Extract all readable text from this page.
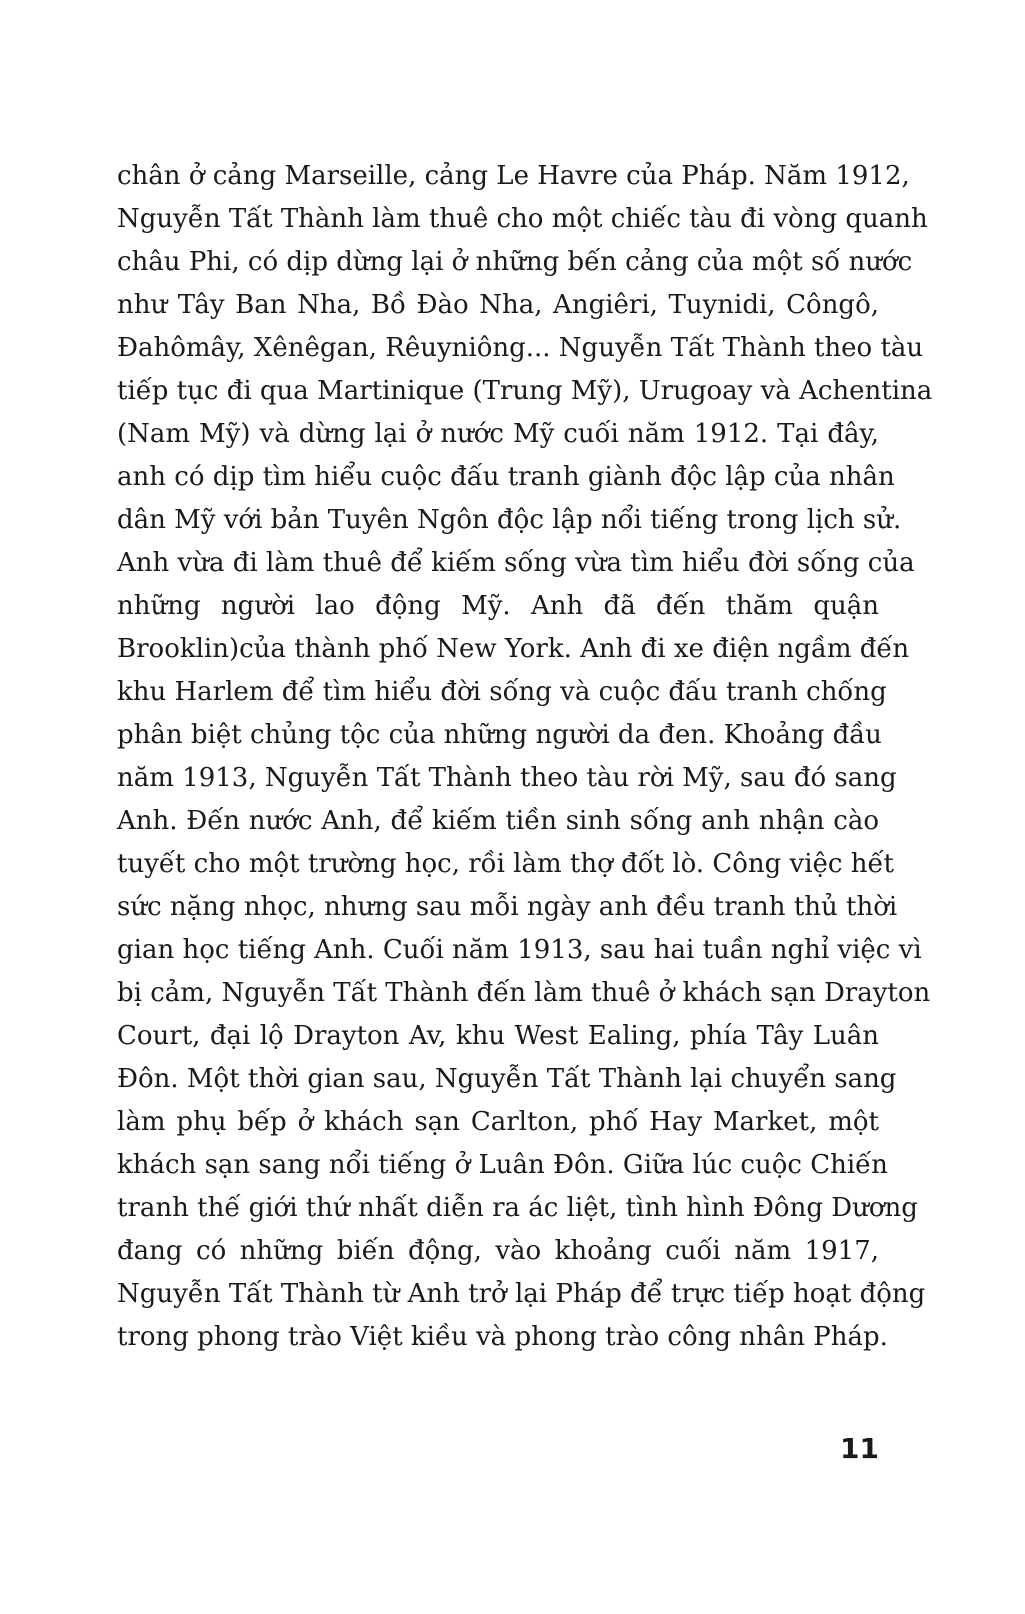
chân ở cảng Marseille, cảng Le Havre của Pháp. Năm 1912,
Nguyễn Tất Thành làm thuê cho một chiếc tàu đi vòng quanh
châu Phi, có dịp dừng lại ở những bến cảng của một số nước
như Tây Ban Nha, Bồ Đào Nha, Angiêri, Tuynidi, Côngô,
Đahômây, Xênêgan, Rêuyniông... Nguyễn Tất Thành theo tàu
tiếp tục đi qua Martinique (Trung Mỹ), Urugoay và Achentina
(Nam Mỹ) và dừng lại ở nước Mỹ cuối năm 1912. Tại đây,
anh có dịp tìm hiểu cuộc đấu tranh giành độc lập của nhân
dân Mỹ với bản Tuyên Ngôn độc lập nổi tiếng trong lịch sử.
Anh vừa đi làm thuê để kiếm sống vừa tìm hiểu đời sống của
những người lao động Mỹ. Anh đã đến thăm quận
Brooklin)của thành phố New York. Anh đi xe điện ngầm đến
khu Harlem để tìm hiểu đời sống và cuộc đấu tranh chống
phân biệt chủng tộc của những người da đen. Khoảng đầu
năm 1913, Nguyễn Tất Thành theo tàu rời Mỹ, sau đó sang
Anh. Đến nước Anh, để kiếm tiền sinh sống anh nhận cào
tuyết cho một trường học, rồi làm thợ đốt lò. Công việc hết
sức nặng nhọc, nhưng sau mỗi ngày anh đều tranh thủ thời
gian học tiếng Anh. Cuối năm 1913, sau hai tuần nghỉ việc vì
bị cảm, Nguyễn Tất Thành đến làm thuê ở khách sạn Drayton
Court, đại lộ Drayton Av, khu West Ealing, phía Tây Luân
Đôn. Một thời gian sau, Nguyễn Tất Thành lại chuyển sang
làm phụ bếp ở khách sạn Carlton, phố Hay Market, một
khách sạn sang nổi tiếng ở Luân Đôn. Giữa lúc cuộc Chiến
tranh thế giới thứ nhất diễn ra ác liệt, tình hình Đông Dương
đang có những biến động, vào khoảng cuối năm 1917,
Nguyễn Tất Thành từ Anh trở lại Pháp để trực tiếp hoạt động
trong phong trào Việt kiều và phong trào công nhân Pháp.
11
